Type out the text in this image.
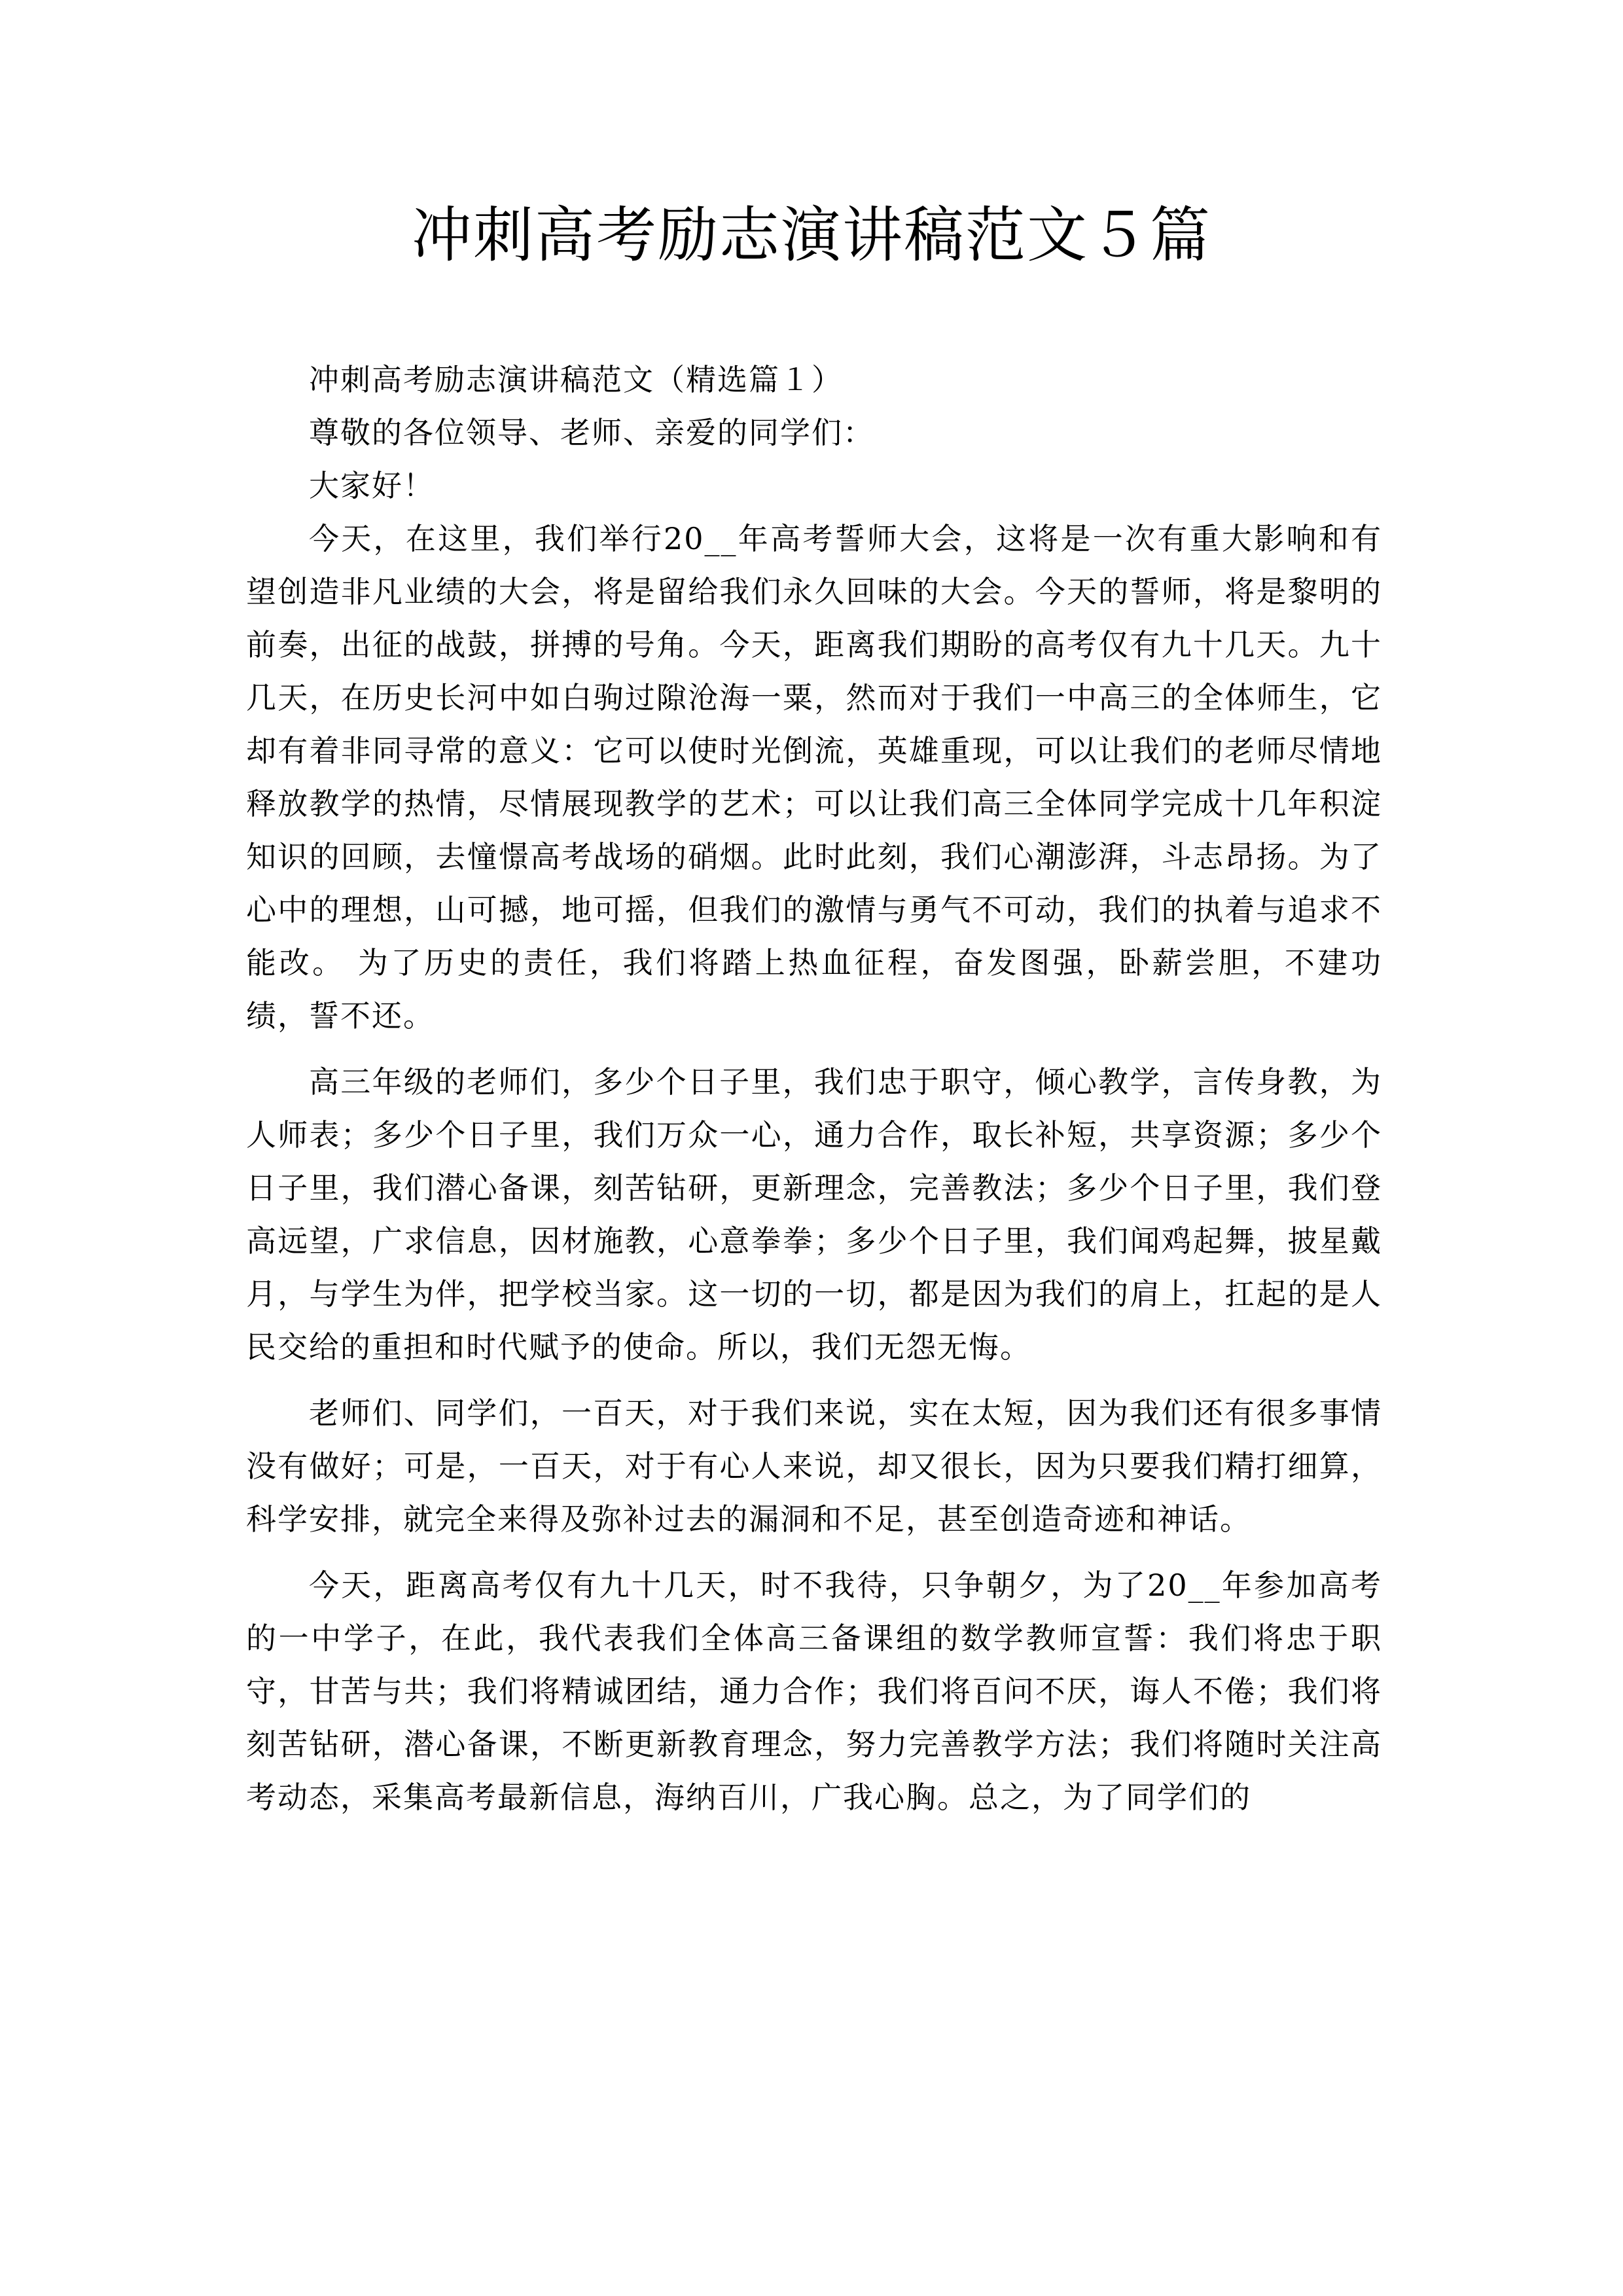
冲刺高考励志演讲稿范文５篇

冲刺高考励志演讲稿范文（精选篇１）

尊敬的各位领导、老师、亲爱的同学们：

大家好！

今天，在这里，我们举行20__年高考誓师大会，这将是一次有重大影响和有望创造非凡业绩的大会，将是留给我们永久回味的大会。今天的誓师，将是黎明的前奏，出征的战鼓，拼搏的号角。今天，距离我们期盼的高考仅有九十几天。九十几天，在历史长河中如白驹过隙沧海一粟，然而对于我们一中高三的全体师生，它却有着非同寻常的意义：它可以使时光倒流，英雄重现，可以让我们的老师尽情地释放教学的热情，尽情展现教学的艺术；可以让我们高三全体同学完成十几年积淀知识的回顾，去憧憬高考战场的硝烟。此时此刻，我们心潮澎湃，斗志昂扬。为了心中的理想，山可撼，地可摇，但我们的激情与勇气不可动，我们的执着与追求不能改。 为了历史的责任，我们将踏上热血征程，奋发图强，卧薪尝胆，不建功绩，誓不还。

高三年级的老师们，多少个日子里，我们忠于职守，倾心教学，言传身教，为人师表；多少个日子里，我们万众一心，通力合作，取长补短，共享资源；多少个日子里，我们潜心备课，刻苦钻研，更新理念，完善教法；多少个日子里，我们登高远望，广求信息，因材施教，心意拳拳；多少个日子里，我们闻鸡起舞，披星戴月，与学生为伴，把学校当家。这一切的一切，都是因为我们的肩上，扛起的是人民交给的重担和时代赋予的使命。所以，我们无怨无悔。

老师们、同学们，一百天，对于我们来说，实在太短，因为我们还有很多事情没有做好；可是，一百天，对于有心人来说，却又很长，因为只要我们精打细算，科学安排，就完全来得及弥补过去的漏洞和不足，甚至创造奇迹和神话。

今天，距离高考仅有九十几天，时不我待，只争朝夕，为了20__年参加高考的一中学子，在此，我代表我们全体高三备课组的数学教师宣誓：我们将忠于职守，甘苦与共；我们将精诚团结，通力合作；我们将百问不厌，诲人不倦；我们将刻苦钻研，潜心备课，不断更新教育理念，努力完善教学方法；我们将随时关注高考动态，采集高考最新信息，海纳百川，广我心胸。总之，为了同学们的
